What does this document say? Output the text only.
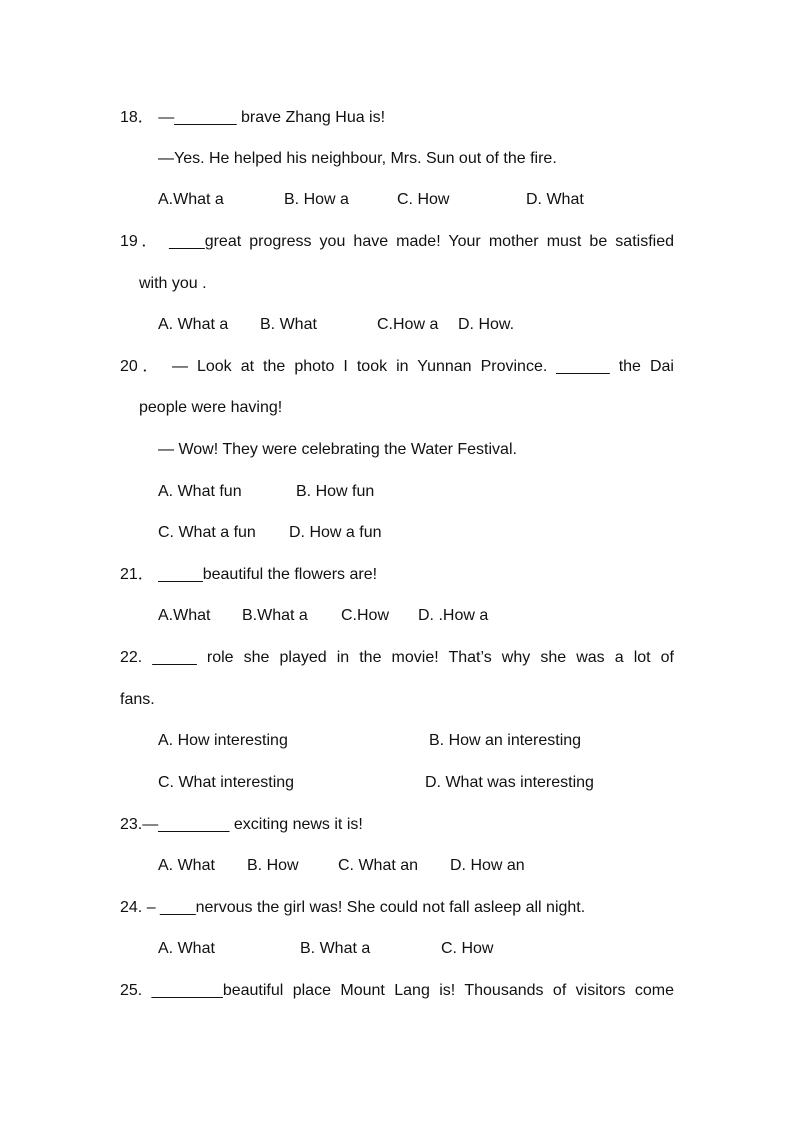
18． —_______ brave Zhang Hua is!
—Yes. He helped his neighbour, Mrs. Sun out of the fire.
A.What a	B. How a	C. How	D. What
19． ____great progress you have made! Your mother must be satisfied
with you .
A. What a B. What	C.How a D. How.
20． — Look at the photo I took in Yunnan Province. ______ the Dai
people were having!
— Wow! They were celebrating the Water Festival.
A. What fun	B. How fun
C. What a fun D. How a fun
21． _____beautiful the flowers are!
A.What B.What a C.How D. .How a
22. _____ role she played in the movie! That’s why she was a lot of
fans.
A. How interesting	B. How an interesting
C. What interesting	D. What was interesting
23.—________ exciting news it is!
A. What B. How C. What an D. How an
24. – ____nervous the girl was! She could not fall asleep all night.
A. What	B. What a	C. How
25. ________beautiful place Mount Lang is! Thousands of visitors come
